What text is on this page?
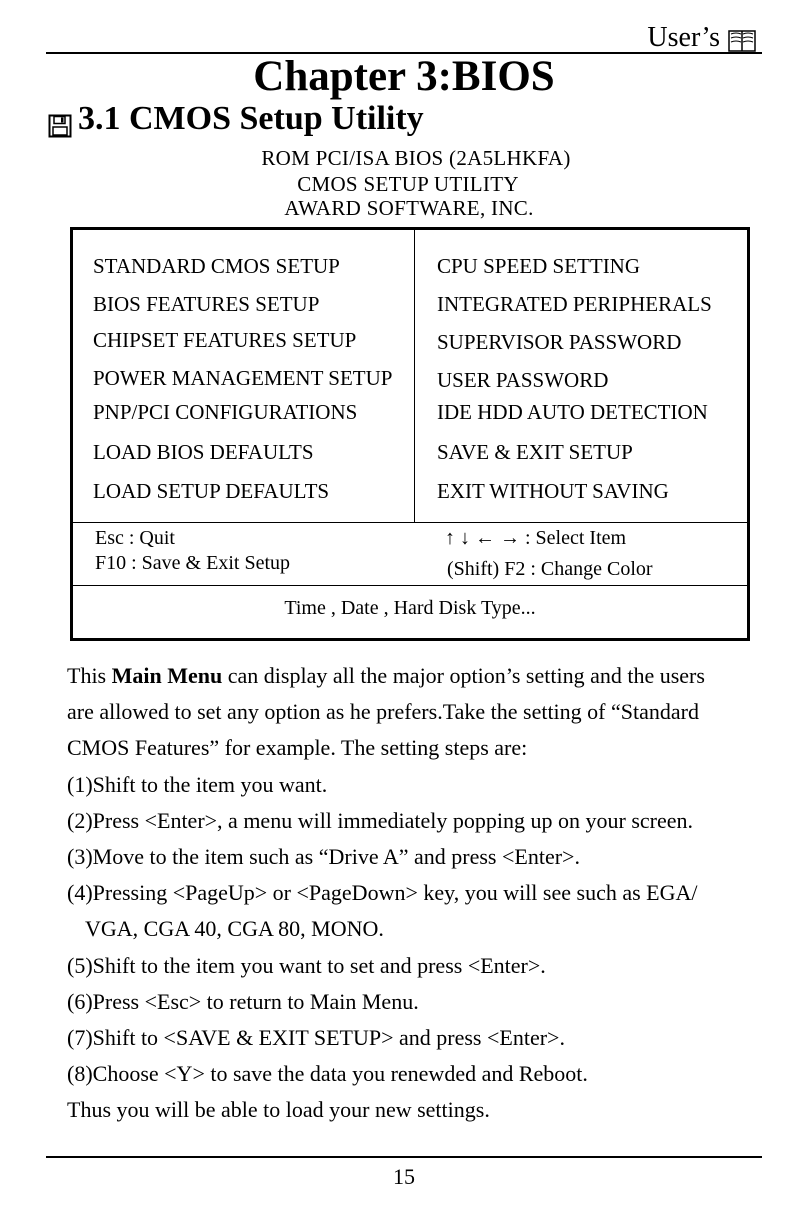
User’s
Chapter 3:BIOS
3.1 CMOS Setup Utility
ROM PCI/ISA BIOS (2A5LHKFA)
CMOS SETUP UTILITY
AWARD SOFTWARE, INC.
STANDARD CMOS SETUP
BIOS FEATURES SETUP
CHIPSET FEATURES SETUP
POWER MANAGEMENT SETUP
PNP/PCI CONFIGURATIONS
LOAD BIOS DEFAULTS
LOAD SETUP DEFAULTS
CPU SPEED SETTING
INTEGRATED PERIPHERALS
SUPERVISOR PASSWORD
USER PASSWORD
IDE HDD AUTO DETECTION
SAVE & EXIT SETUP
EXIT WITHOUT SAVING
Esc : Quit
F10 : Save & Exit Setup
↑ ↓ ← → : Select Item
(Shift) F2 : Change Color
Time , Date , Hard Disk Type...

This Main Menu can display all the major option’s setting and the users

are allowed to set any option as he prefers.Take the setting of “Standard

CMOS Features” for example. The setting steps are:

(1)Shift to the item you want.

(2)Press <Enter>, a menu will immediately popping up on your screen.

(3)Move to the item such as “Drive A” and press <Enter>.

(4)Pressing <PageUp> or <PageDown> key, you will see such as EGA/

VGA, CGA 40, CGA 80, MONO.

(5)Shift to the item you want to set and press <Enter>.

(6)Press <Esc> to return to Main Menu.

(7)Shift to <SAVE & EXIT SETUP> and press <Enter>.

(8)Choose <Y> to save the data you renewded and Reboot.

Thus you will be able to load your new settings.

15
